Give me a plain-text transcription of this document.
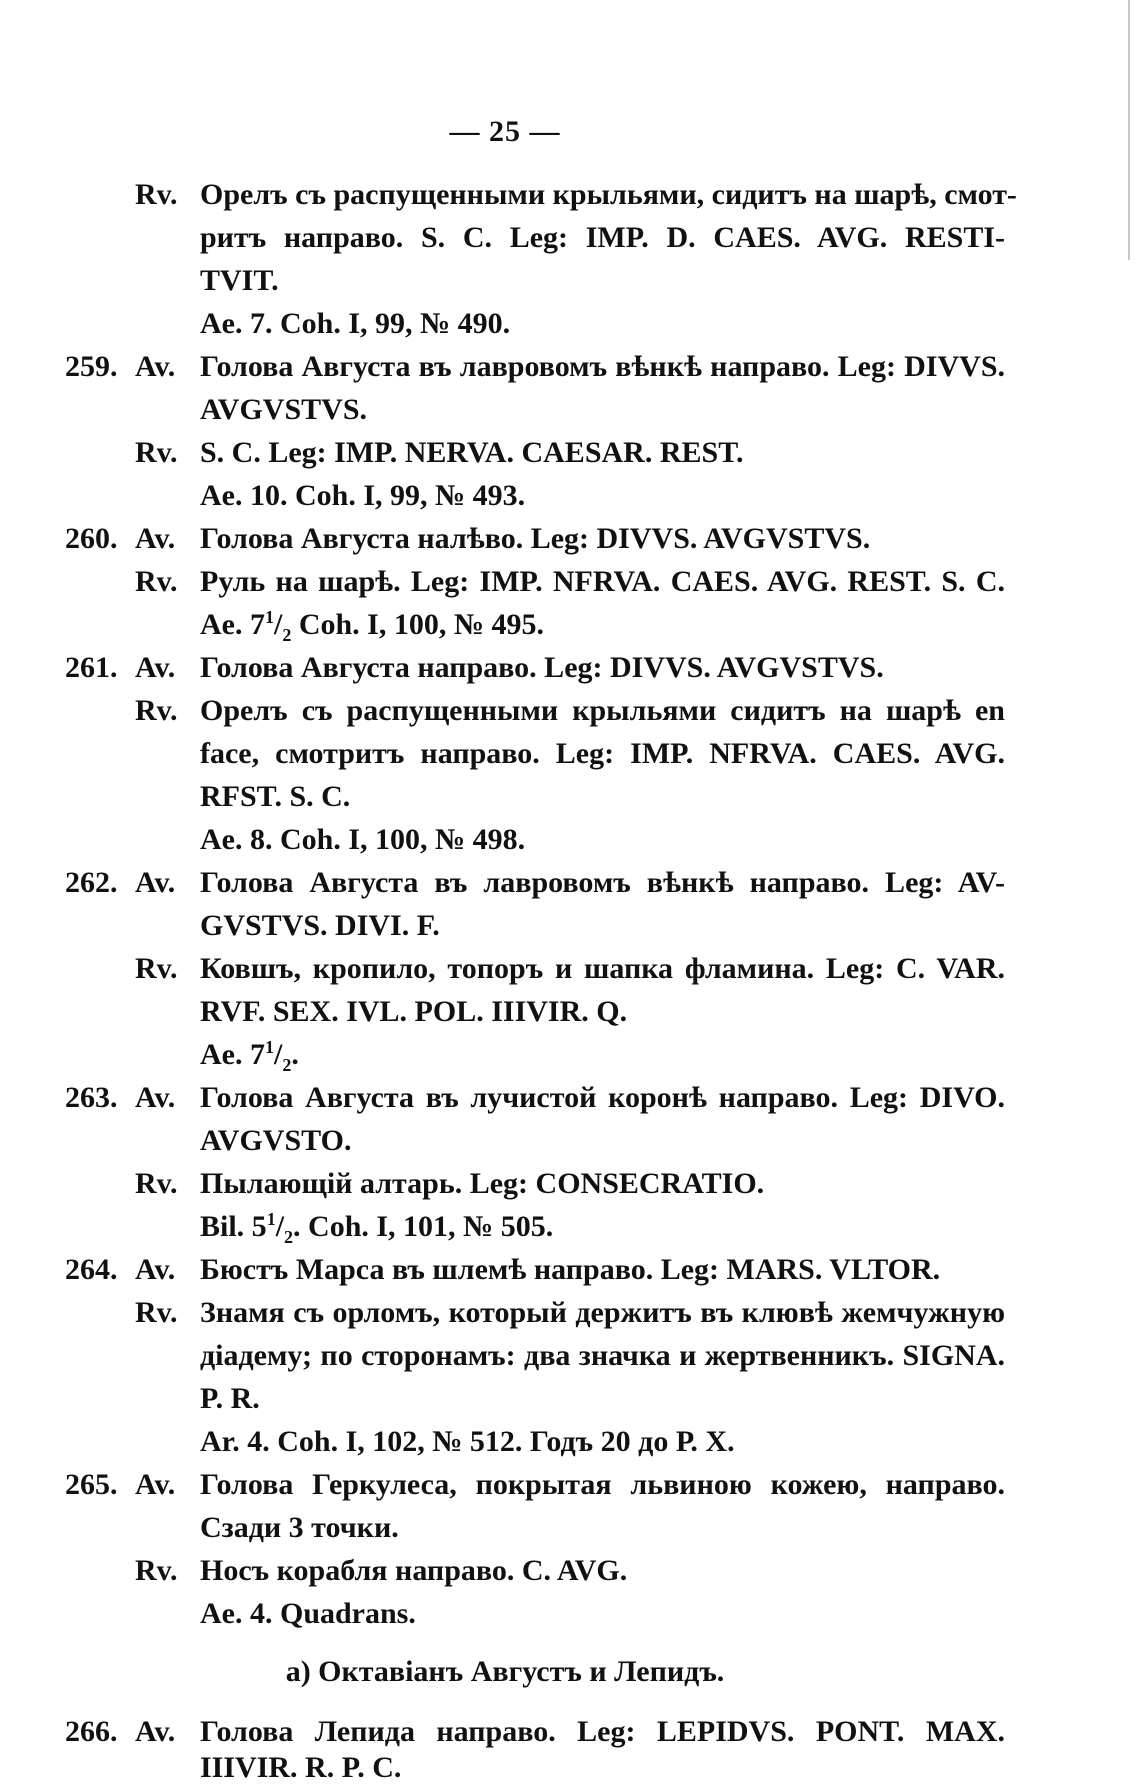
— 25 —
Rv. Орелъ съ распущенными крыльями, сидитъ на шарѣ, смот-
ритъ направо. S. C. Leg: IMP. D. CAES. AVG. RESTI-
TVIT.
Ae. 7. Coh. I, 99, № 490.
259. Av. Голова Августа въ лавровомъ вѣнкѣ направо. Leg: DIVVS.
AVGVSTVS.
Rv. S. C. Leg: IMP. NERVA. CAESAR. REST.
Ae. 10. Coh. I, 99, № 493.
260. Av. Голова Августа налѣво. Leg: DIVVS. AVGVSTVS.
Rv. Руль на шарѣ. Leg: IMP. NFRVA. CAES. AVG. REST. S. C.
Ae. $7^1/_2$ Coh. I, 100, № 495.
261. Av. Голова Августа направо. Leg: DIVVS. AVGVSTVS.
Rv. Орелъ съ распущенными крыльями сидитъ на шарѣ en
face, смотритъ направо. Leg: IMP. NFRVA. CAES. AVG.
RFST. S. C.
Ae. 8. Coh. I, 100, № 498.
262. Av. Голова Августа въ лавровомъ вѣнкѣ направо. Leg: AV-
GVSTVS. DIVI. F.
Rv. Ковшъ, кропило, топоръ и шапка фламина. Leg: C. VAR.
RVF. SEX. IVL. POL. IIIVIR. Q.
Ae. $7^1/_2$.
263. Av. Голова Августа въ лучистой коронѣ направо. Leg: DIVO.
AVGVSTO.
Rv. Пылающій алтарь. Leg: CONSECRATIO.
Bil. $5^1/_2$. Coh. I, 101, № 505.
264. Av. Бюстъ Марса въ шлемѣ направо. Leg: MARS. VLTOR.
Rv. Знамя съ орломъ, который держитъ въ клювѣ жемчужную
діадему; по сторонамъ: два значка и жертвенникъ. SIGNA.
P. R.
Ar. 4. Coh. I, 102, № 512. Годъ 20 до Р. Х.
265. Av. Голова Геркулеса, покрытая львиною кожею, направо.
Сзади 3 точки.
Rv. Носъ корабля направо. C. AVG.
Ae. 4. Quadrans.
а) Октавіанъ Августъ и Лепидъ.
266. Av. Голова Лепида направо. Leg: LEPIDVS. PONT. MAX.
IIIVIR. R. P. C.
